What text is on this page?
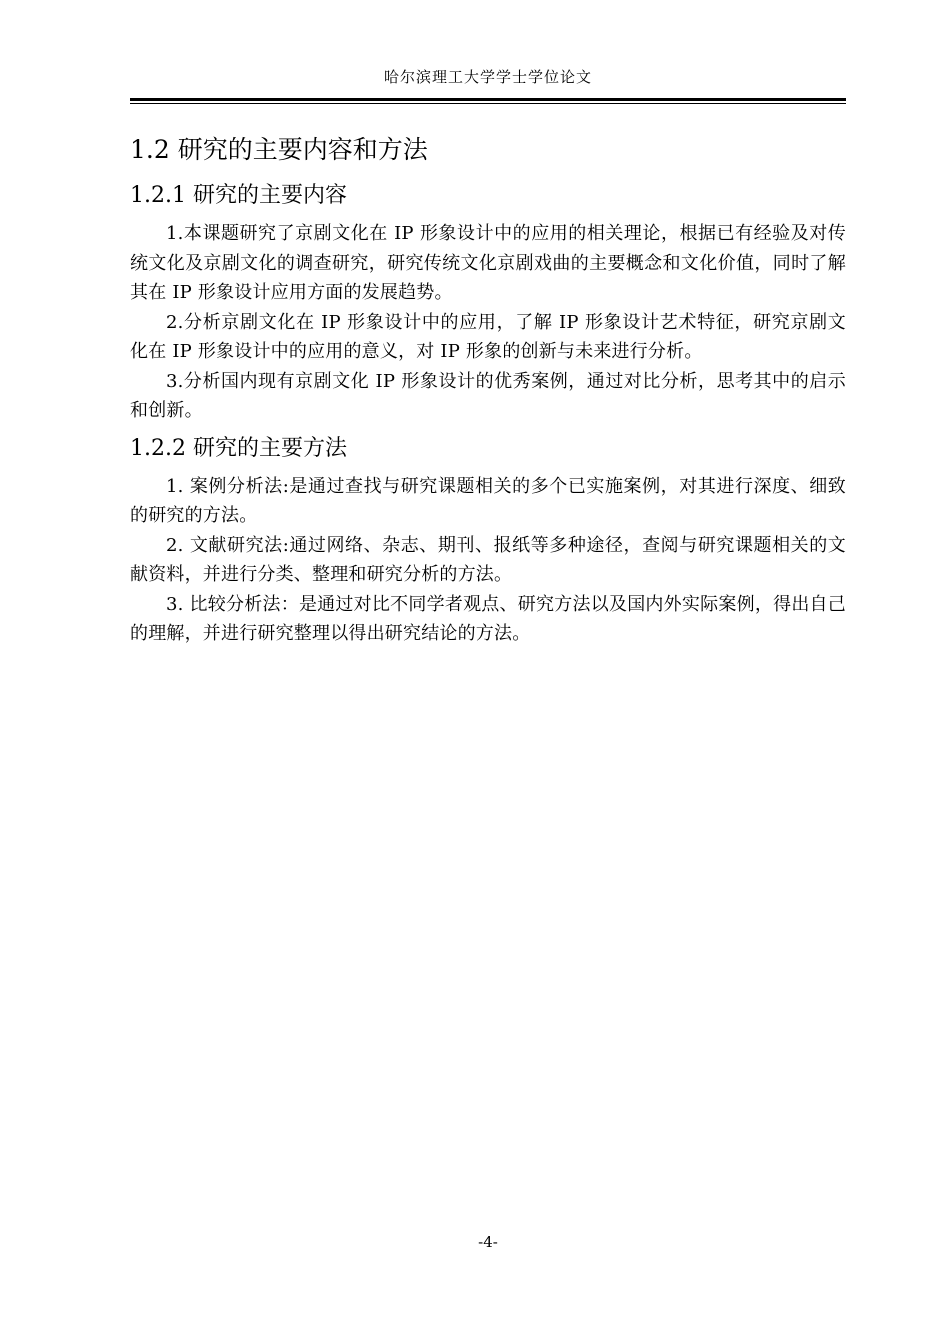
哈尔滨理工大学学士学位论文
1.2 研究的主要内容和方法
1.2.1 研究的主要内容

1.本课题研究了京剧文化在 IP 形象设计中的应用的相关理论，根据已有经验及对传统文化及京剧文化的调查研究，研究传统文化京剧戏曲的主要概念和文化价值，同时了解其在 IP 形象设计应用方面的发展趋势。

2.分析京剧文化在 IP 形象设计中的应用，了解 IP 形象设计艺术特征，研究京剧文化在 IP 形象设计中的应用的意义，对 IP 形象的创新与未来进行分析。

3.分析国内现有京剧文化 IP 形象设计的优秀案例，通过对比分析，思考其中的启示和创新。

1.2.2 研究的主要方法

1. 案例分析法:是通过查找与研究课题相关的多个已实施案例，对其进行深度、细致的研究的方法。

2. 文献研究法:通过网络、杂志、期刊、报纸等多种途径，查阅与研究课题相关的文献资料，并进行分类、整理和研究分析的方法。

3. 比较分析法：是通过对比不同学者观点、研究方法以及国内外实际案例，得出自己的理解，并进行研究整理以得出研究结论的方法。

-4-
